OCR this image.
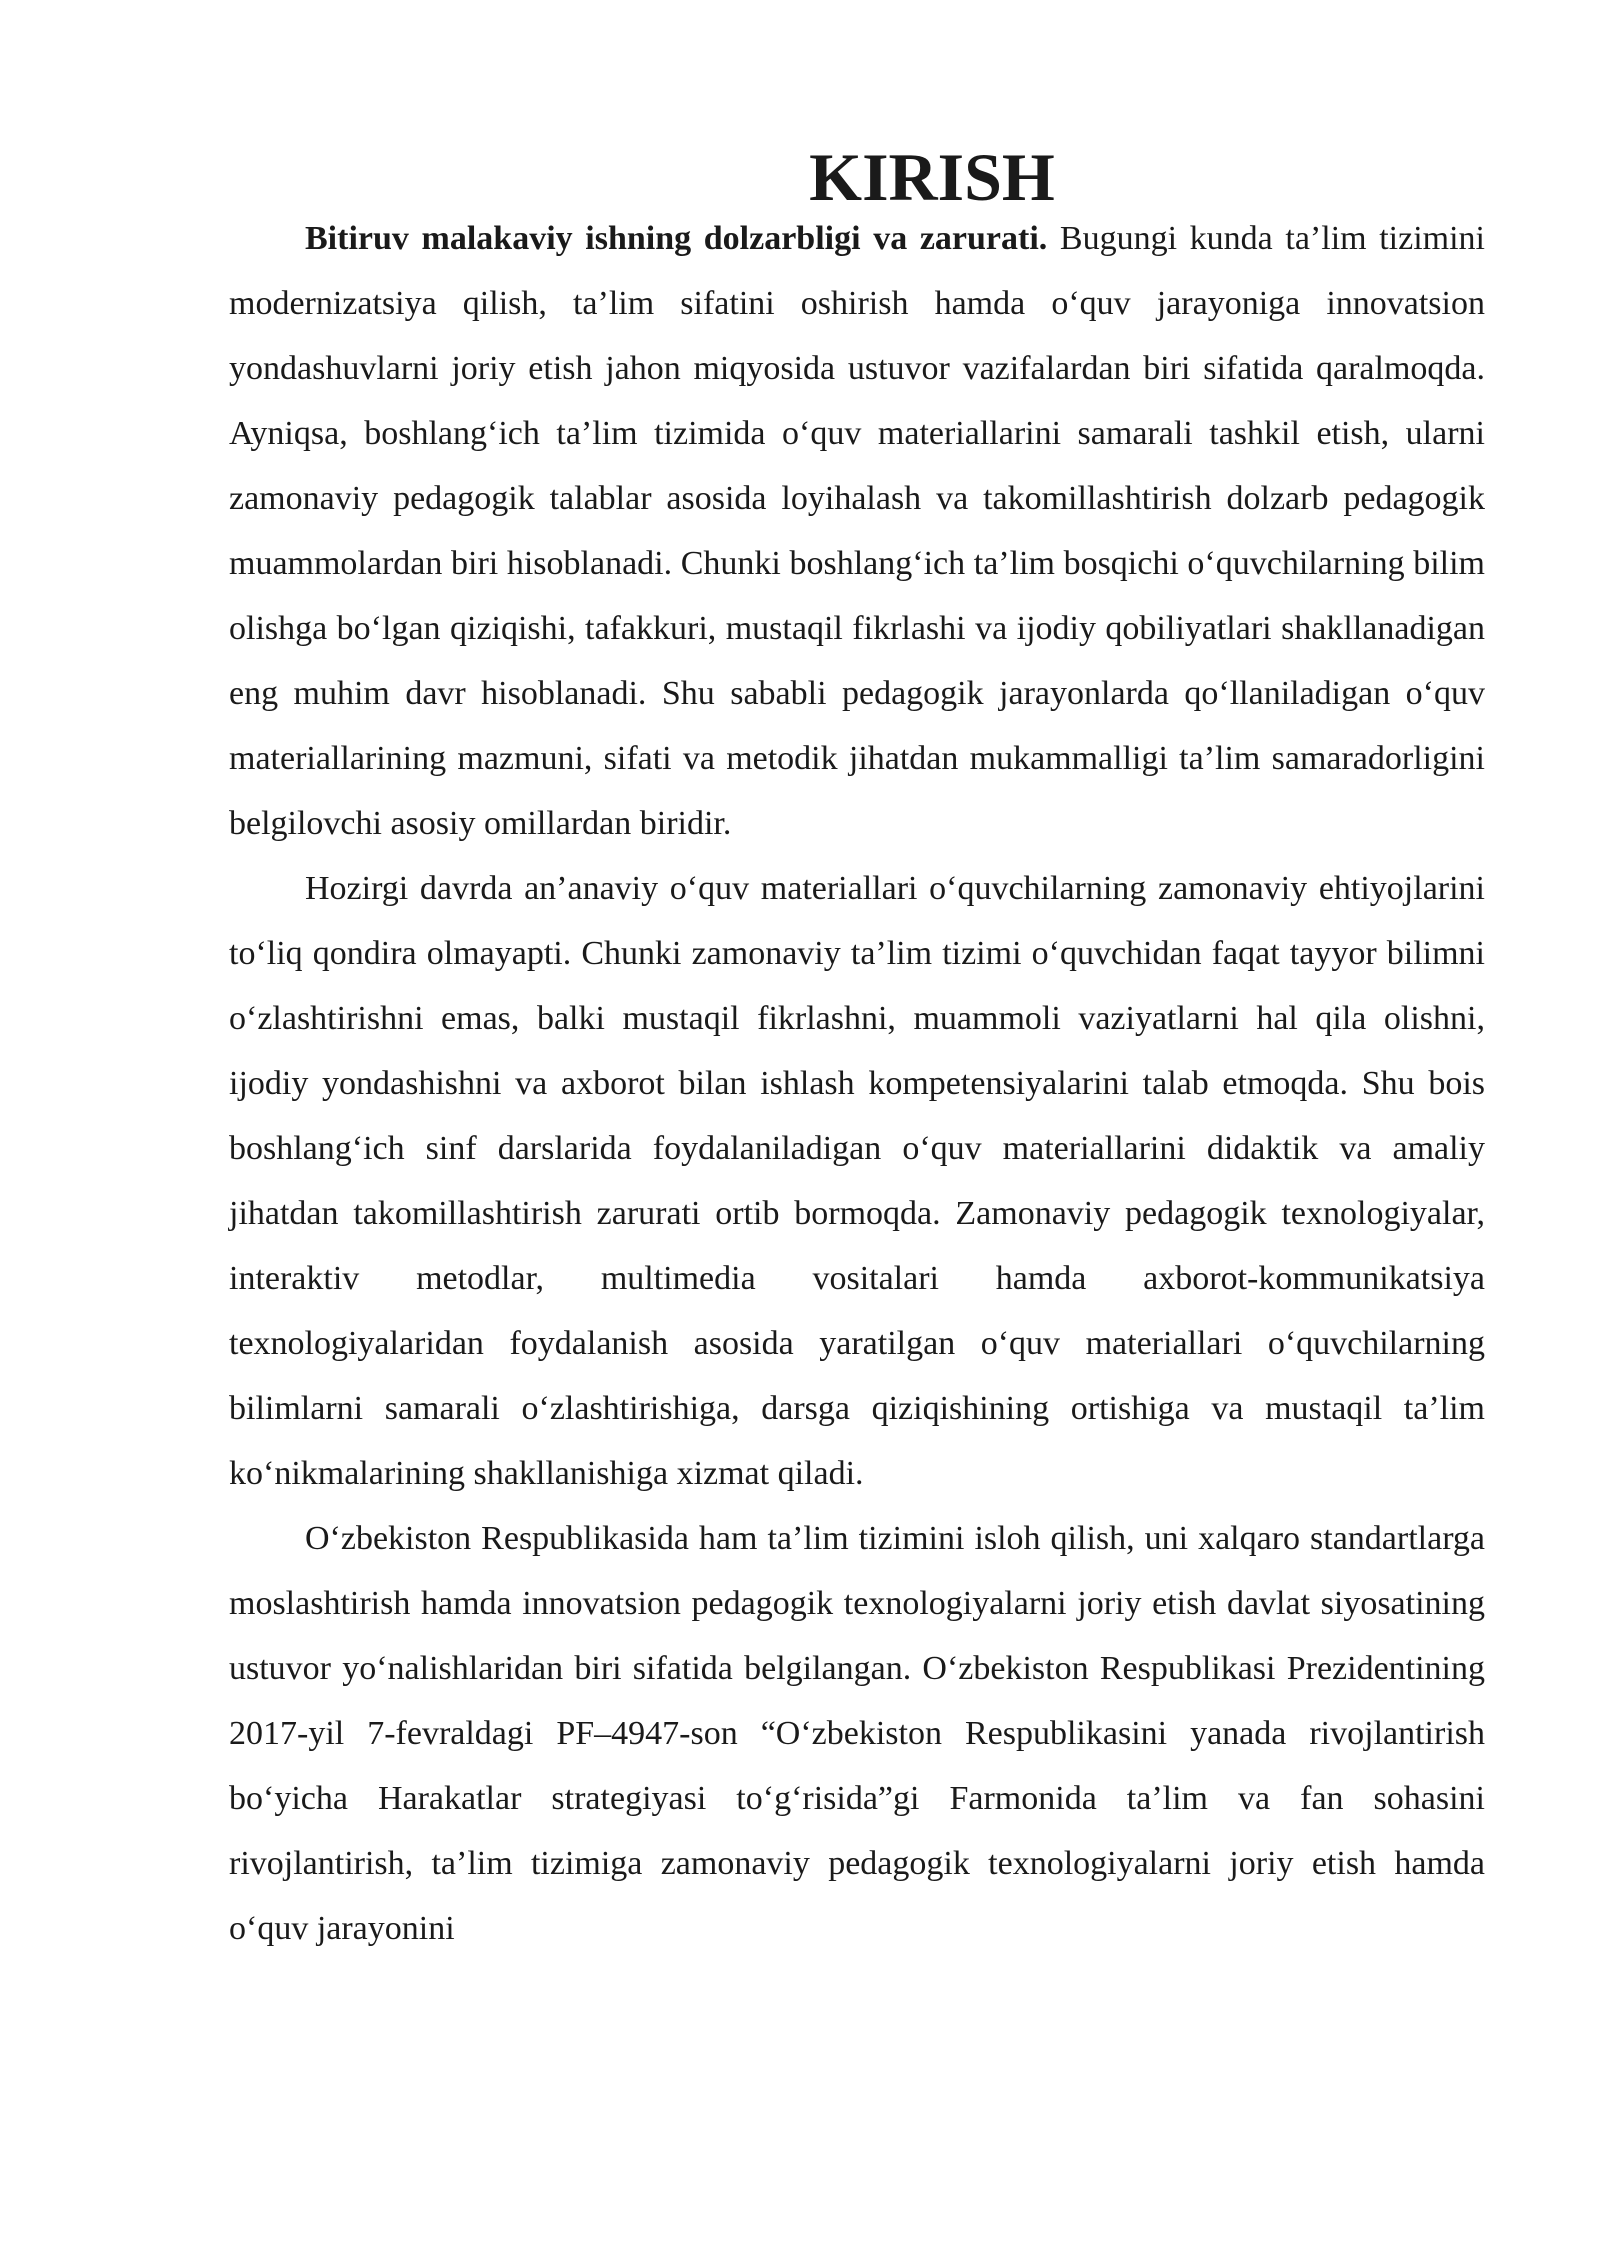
KIRISH

Bitiruv malakaviy ishning dolzarbligi va zarurati. Bugungi kunda ta’lim tizimini modernizatsiya qilish, ta’lim sifatini oshirish hamda o‘quv jarayoniga innovatsion yondashuvlarni joriy etish jahon miqyosida ustuvor vazifalardan biri sifatida qaralmoqda. Ayniqsa, boshlang‘ich ta’lim tizimida o‘quv materiallarini samarali tashkil etish, ularni zamonaviy pedagogik talablar asosida loyihalash va takomillashtirish dolzarb pedagogik muammolardan biri hisoblanadi. Chunki boshlang‘ich ta’lim bosqichi o‘quvchilarning bilim olishga bo‘lgan qiziqishi, tafakkuri, mustaqil fikrlashi va ijodiy qobiliyatlari shakllanadigan eng muhim davr hisoblanadi. Shu sababli pedagogik jarayonlarda qo‘llaniladigan o‘quv materiallarining mazmuni, sifati va metodik jihatdan mukammalligi ta’lim samaradorligini belgilovchi asosiy omillardan biridir.

Hozirgi davrda an’anaviy o‘quv materiallari o‘quvchilarning zamonaviy ehtiyojlarini to‘liq qondira olmayapti. Chunki zamonaviy ta’lim tizimi o‘quvchidan faqat tayyor bilimni o‘zlashtirishni emas, balki mustaqil fikrlashni, muammoli vaziyatlarni hal qila olishni, ijodiy yondashishni va axborot bilan ishlash kompetensiyalarini talab etmoqda. Shu bois boshlang‘ich sinf darslarida foydalaniladigan o‘quv materiallarini didaktik va amaliy jihatdan takomillashtirish zarurati ortib bormoqda. Zamonaviy pedagogik texnologiyalar, interaktiv metodlar, multimedia vositalari hamda axborot-kommunikatsiya texnologiyalaridan foydalanish asosida yaratilgan o‘quv materiallari o‘quvchilarning bilimlarni samarali o‘zlashtirishiga, darsga qiziqishining ortishiga va mustaqil ta’lim ko‘nikmalarining shakllanishiga xizmat qiladi.

O‘zbekiston Respublikasida ham ta’lim tizimini isloh qilish, uni xalqaro standartlarga moslashtirish hamda innovatsion pedagogik texnologiyalarni joriy etish davlat siyosatining ustuvor yo‘nalishlaridan biri sifatida belgilangan. O‘zbekiston Respublikasi Prezidentining 2017-yil 7-fevraldagi PF–4947-son “O‘zbekiston Respublikasini yanada rivojlantirish bo‘yicha Harakatlar strategiyasi to‘g‘risida”gi Farmonida ta’lim va fan sohasini rivojlantirish, ta’lim tizimiga zamonaviy pedagogik texnologiyalarni joriy etish hamda o‘quv jarayonini
